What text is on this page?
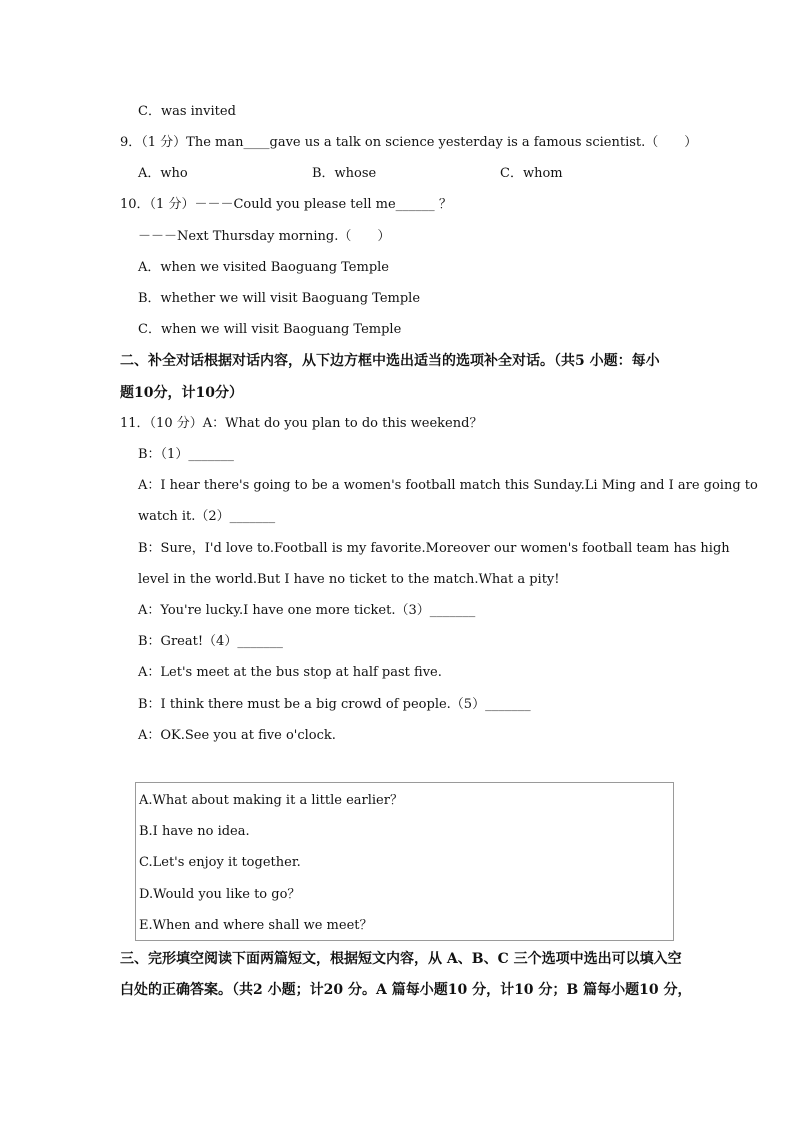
C．was invited
9．（1 分）The man____gave us a talk on science yesterday is a famous scientist.（　　）
A．who	B．whose	C．whom
10．（1 分）－－－Could you please tell me______ ？
－－－Next Thursday morning.（　　）
A．when we visited Baoguang Temple
B．whether we will visit Baoguang Temple
C．when we will visit Baoguang Temple
二、补全对话根据对话内容，从下边方框中选出适当的选项补全对话。（共5 小题：每小
题10分，计10分）
11．（10 分）A：What do you plan to do this weekend？
B：（1）_______
A：I hear there's going to be a women's football match this Sunday.Li Ming and I are going to
watch it.（2）_______
B：Sure，I'd love to.Football is my favorite.Moreover our women's football team has high
level in the world.But I have no ticket to the match.What a pity!
A：You're lucky.I have one more ticket.（3）_______
B：Great!（4）_______
A：Let's meet at the bus stop at half past five.
B：I think there must be a big crowd of people.（5）_______
A：OK.See you at five o'clock.
A.What about making it a little earlier？
B.I have no idea.
C.Let's enjoy it together.
D.Would you like to go？
E.When and where shall we meet？
三、完形填空阅读下面两篇短文，根据短文内容，从 A、B、C 三个选项中选出可以填入空
白处的正确答案。（共2 小题；计20 分。A 篇每小题10 分，计10 分；B 篇每小题10 分，
